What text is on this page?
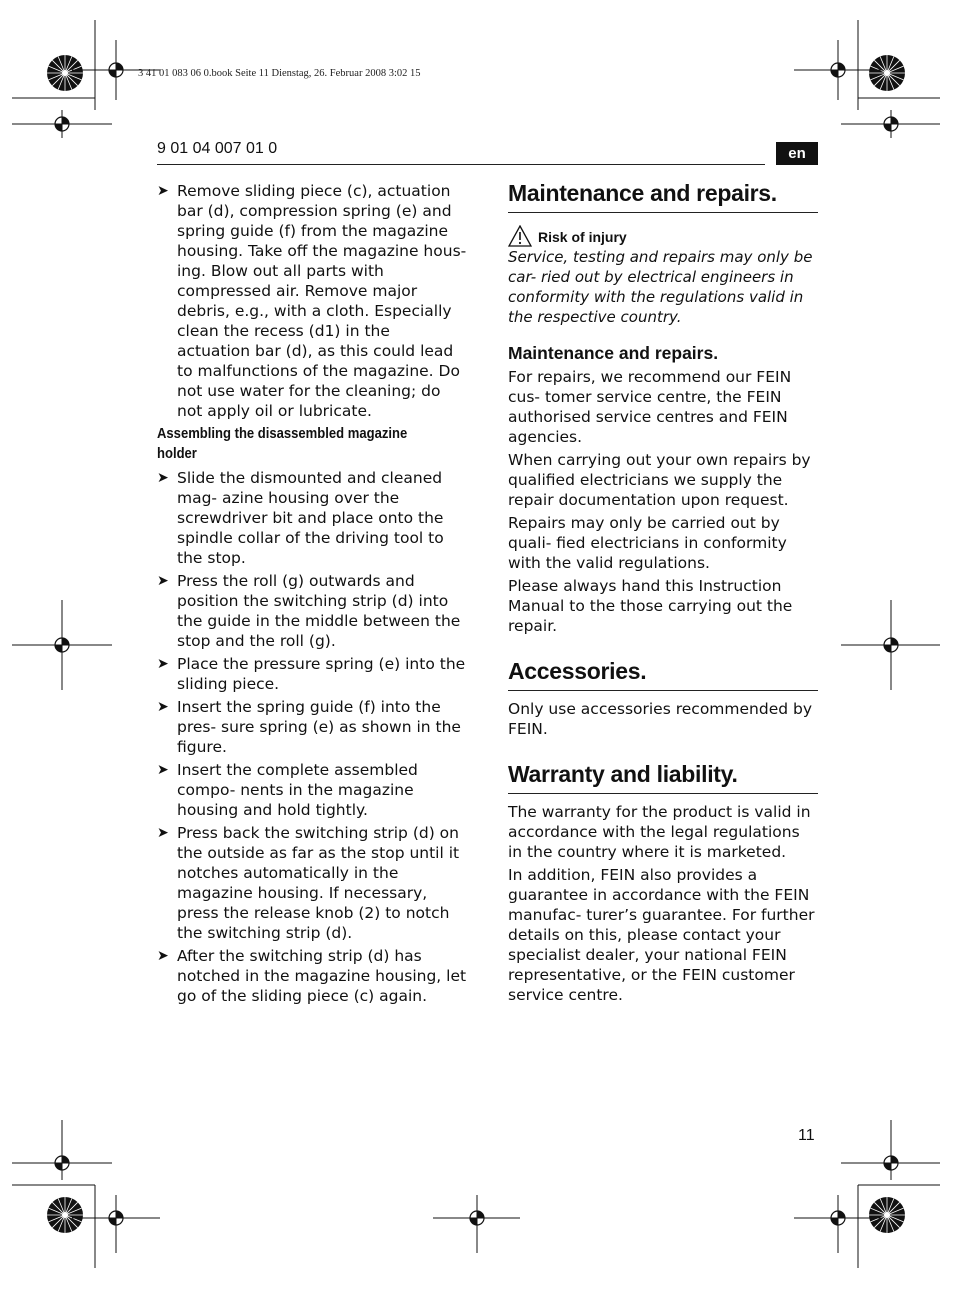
3 41 01 083 06 0.book Seite 11 Dienstag, 26. Februar 2008 3:02 15
9 01 04 007 01 0	en
➤ Remove sliding piece (c), actuation bar (d), compression spring (e) and spring guide (f) from the magazine housing. Take off the magazine hous- ing. Blow out all parts with compressed air. Remove major debris, e.g., with a cloth. Especially clean the recess (d1) in the actuation bar (d), as this could lead to malfunctions of the magazine. Do not use water for the cleaning; do not apply oil or lubricate.
Assembling the disassembled magazine holder
➤ Slide the dismounted and cleaned mag- azine housing over the screwdriver bit and place onto the spindle collar of the driving tool to the stop.
➤ Press the roll (g) outwards and position the switching strip (d) into the guide in the middle between the stop and the roll (g).
➤ Place the pressure spring (e) into the sliding piece.
➤ Insert the spring guide (f) into the pres- sure spring (e) as shown in the figure.
➤ Insert the complete assembled compo- nents in the magazine housing and hold tightly.
➤ Press back the switching strip (d) on the outside as far as the stop until it notches automatically in the magazine housing. If necessary, press the release knob (2) to notch the switching strip (d).
➤ After the switching strip (d) has notched in the magazine housing, let go of the sliding piece (c) again.
Maintenance and repairs.
Risk of injury
Service, testing and repairs may only be car- ried out by electrical engineers in conformity with the regulations valid in the respective country.
Maintenance and repairs.
For repairs, we recommend our FEIN cus- tomer service centre, the FEIN authorised service centres and FEIN agencies.
When carrying out your own repairs by qualified electricians we supply the repair documentation upon request.
Repairs may only be carried out by quali- fied electricians in conformity with the valid regulations.
Please always hand this Instruction Manual to the those carrying out the repair.
Accessories.
Only use accessories recommended by FEIN.
Warranty and liability.
The warranty for the product is valid in accordance with the legal regulations in the country where it is marketed.
In addition, FEIN also provides a guarantee in accordance with the FEIN manufac- turer’s guarantee. For further details on this, please contact your specialist dealer, your national FEIN representative, or the FEIN customer service centre.
11
